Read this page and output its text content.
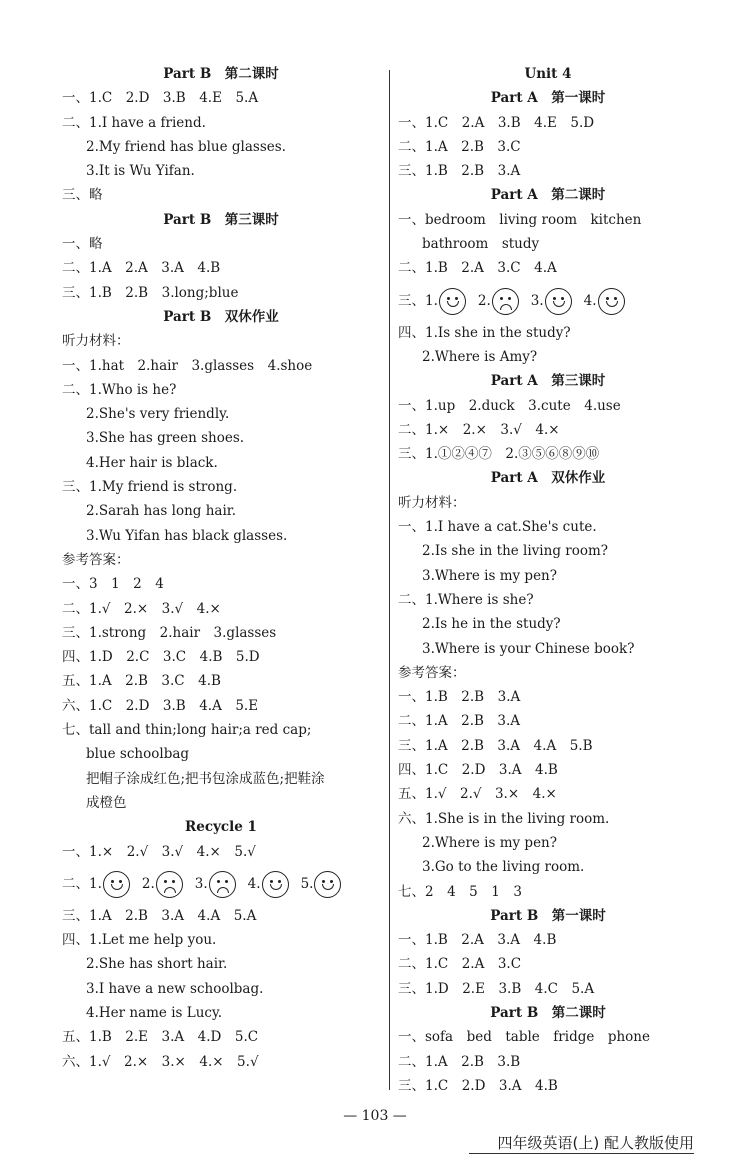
Part B　第二课时
一、1.C　2.D　3.B　4.E　5.A
二、1.I have a friend.
2.My friend has blue glasses.
3.It is Wu Yifan.
三、略
Part B　第三课时
一、略
二、1.A　2.A　3.A　4.B
三、1.B　2.B　3.long;blue
Part B　双休作业
听力材料：
一、1.hat　2.hair　3.glasses　4.shoe
二、1.Who is he?
2.She's very friendly.
3.She has green shoes.
4.Her hair is black.
三、1.My friend is strong.
2.Sarah has long hair.
3.Wu Yifan has black glasses.
参考答案：
一、3　1　2　4
二、1.√　2.×　3.√　4.×
三、1.strong　2.hair　3.glasses
四、1.D　2.C　3.C　4.B　5.D
五、1.A　2.B　3.C　4.B
六、1.C　2.D　3.B　4.A　5.E
七、tall and thin;long hair;a red cap;
blue schoolbag
把帽子涂成红色;把书包涂成蓝色;把鞋涂
成橙色
Recycle 1
一、1.×　2.√　3.√　4.×　5.√
二、1.	2.	3.	4.	5.
三、1.A　2.B　3.A　4.A　5.A
四、1.Let me help you.
2.She has short hair.
3.I have a new schoolbag.
4.Her name is Lucy.
五、1.B　2.E　3.A　4.D　5.C
六、1.√　2.×　3.×　4.×　5.√
Unit 4
Part A　第一课时
一、1.C　2.A　3.B　4.E　5.D
二、1.A　2.B　3.C
三、1.B　2.B　3.A
Part A　第二课时
一、bedroom　living room　kitchen
bathroom　study
二、1.B　2.A　3.C　4.A
三、1.	2.	3.	4.
四、1.Is she in the study?
2.Where is Amy?
Part A　第三课时
一、1.up　2.duck　3.cute　4.use
二、1.×　2.×　3.√　4.×
三、1.①②④⑦　2.③⑤⑥⑧⑨⑩
Part A　双休作业
听力材料：
一、1.I have a cat.She's cute.
2.Is she in the living room?
3.Where is my pen?
二、1.Where is she?
2.Is he in the study?
3.Where is your Chinese book?
参考答案：
一、1.B　2.B　3.A
二、1.A　2.B　3.A
三、1.A　2.B　3.A　4.A　5.B
四、1.C　2.D　3.A　4.B
五、1.√　2.√　3.×　4.×
六、1.She is in the living room.
2.Where is my pen?
3.Go to the living room.
七、2　4　5　1　3
Part B　第一课时
一、1.B　2.A　3.A　4.B
二、1.C　2.A　3.C
三、1.D　2.E　3.B　4.C　5.A
Part B　第二课时
一、sofa　bed　table　fridge　phone
二、1.A　2.B　3.B
三、1.C　2.D　3.A　4.B
— 103 —
四年级英语(上) 配人教版使用
